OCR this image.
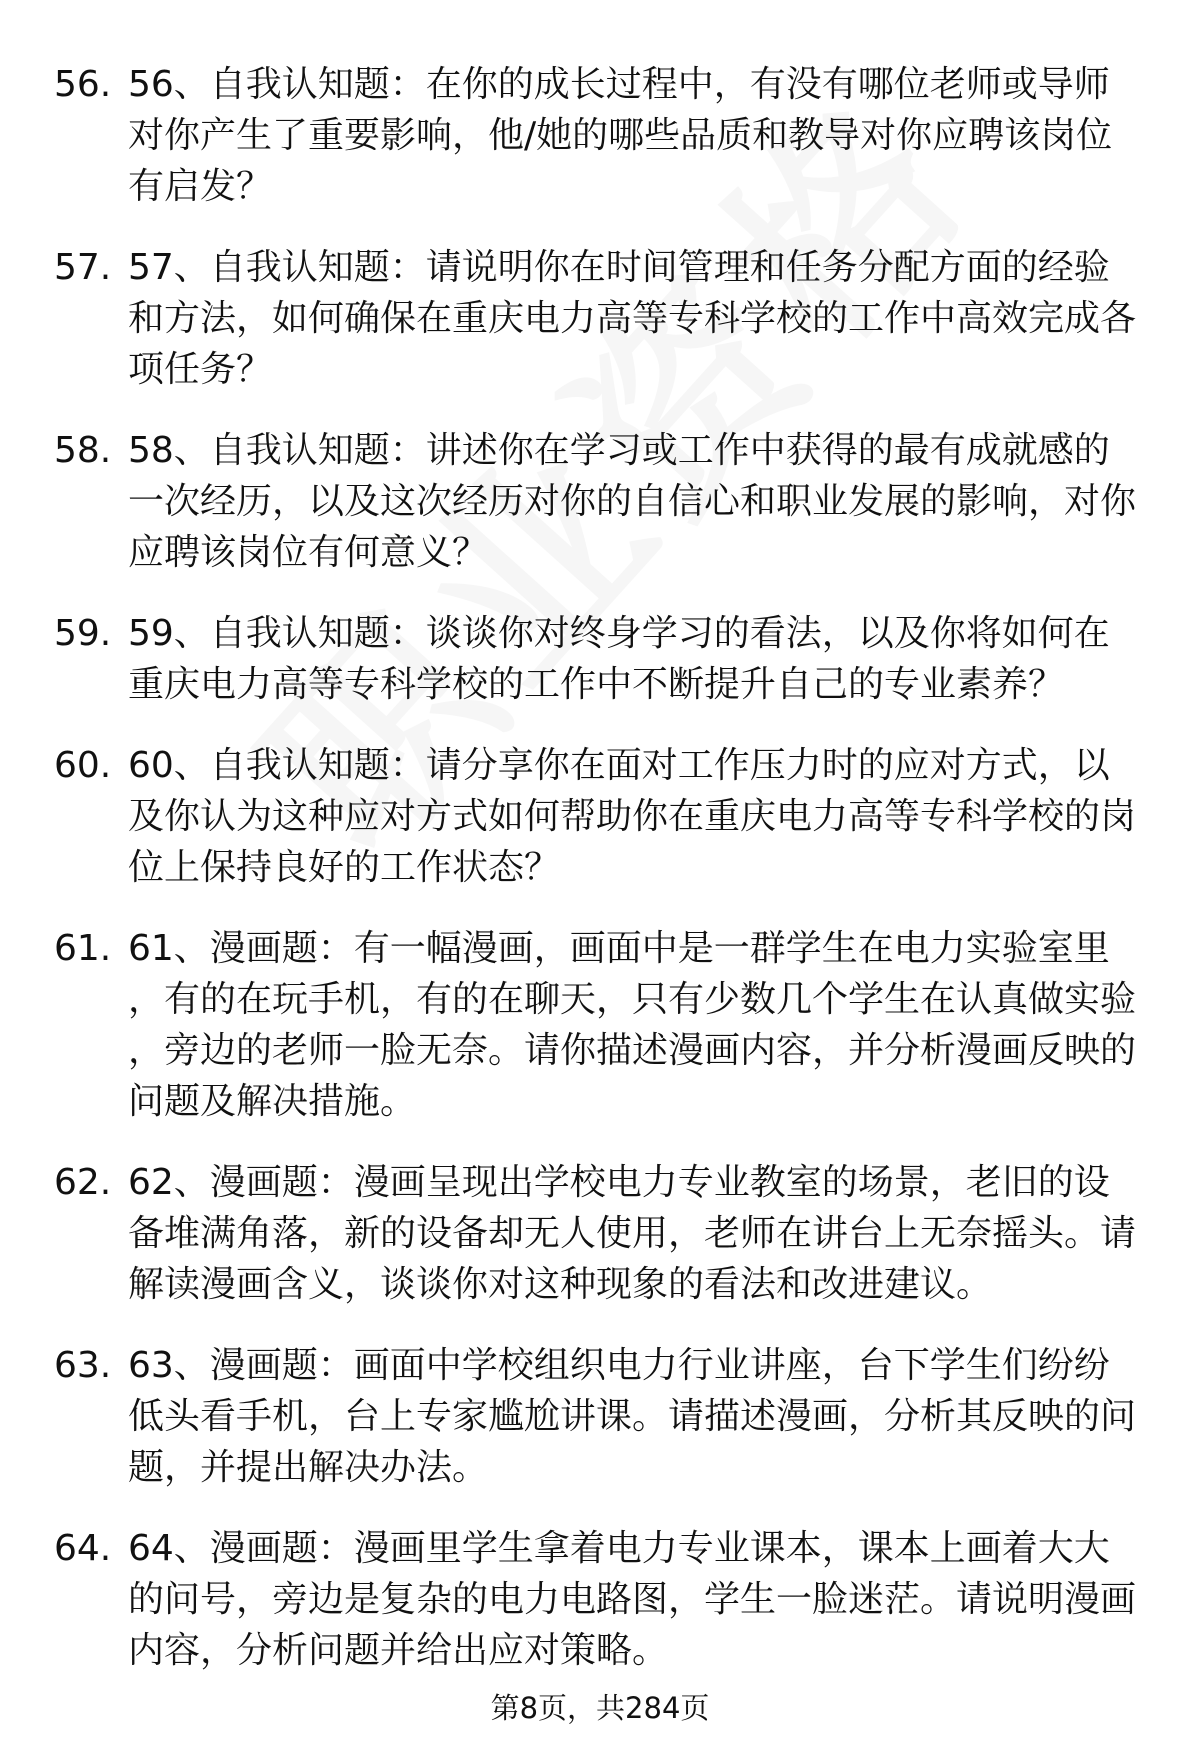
56. 56、自我认知题：在你的成长过程中，有没有哪位老师或导师对你产生了重要影响，他/她的哪些品质和教导对你应聘该岗位有启发？
57. 57、自我认知题：请说明你在时间管理和任务分配方面的经验和方法，如何确保在重庆电力高等专科学校的工作中高效完成各项任务？
58. 58、自我认知题：讲述你在学习或工作中获得的最有成就感的一次经历，以及这次经历对你的自信心和职业发展的影响，对你应聘该岗位有何意义？
59. 59、自我认知题：谈谈你对终身学习的看法，以及你将如何在重庆电力高等专科学校的工作中不断提升自己的专业素养？
60. 60、自我认知题：请分享你在面对工作压力时的应对方式，以及你认为这种应对方式如何帮助你在重庆电力高等专科学校的岗位上保持良好的工作状态？
61. 61、漫画题：有一幅漫画，画面中是一群学生在电力实验室里，有的在玩手机，有的在聊天，只有少数几个学生在认真做实验，旁边的老师一脸无奈。请你描述漫画内容，并分析漫画反映的问题及解决措施。
62. 62、漫画题：漫画呈现出学校电力专业教室的场景，老旧的设备堆满角落，新的设备却无人使用，老师在讲台上无奈摇头。请解读漫画含义，谈谈你对这种现象的看法和改进建议。
63. 63、漫画题：画面中学校组织电力行业讲座，台下学生们纷纷低头看手机，台上专家尴尬讲课。请描述漫画，分析其反映的问题，并提出解决办法。
64. 64、漫画题：漫画里学生拿着电力专业课本，课本上画着大大的问号，旁边是复杂的电力电路图，学生一脸迷茫。请说明漫画内容，分析问题并给出应对策略。
第8页，共284页
